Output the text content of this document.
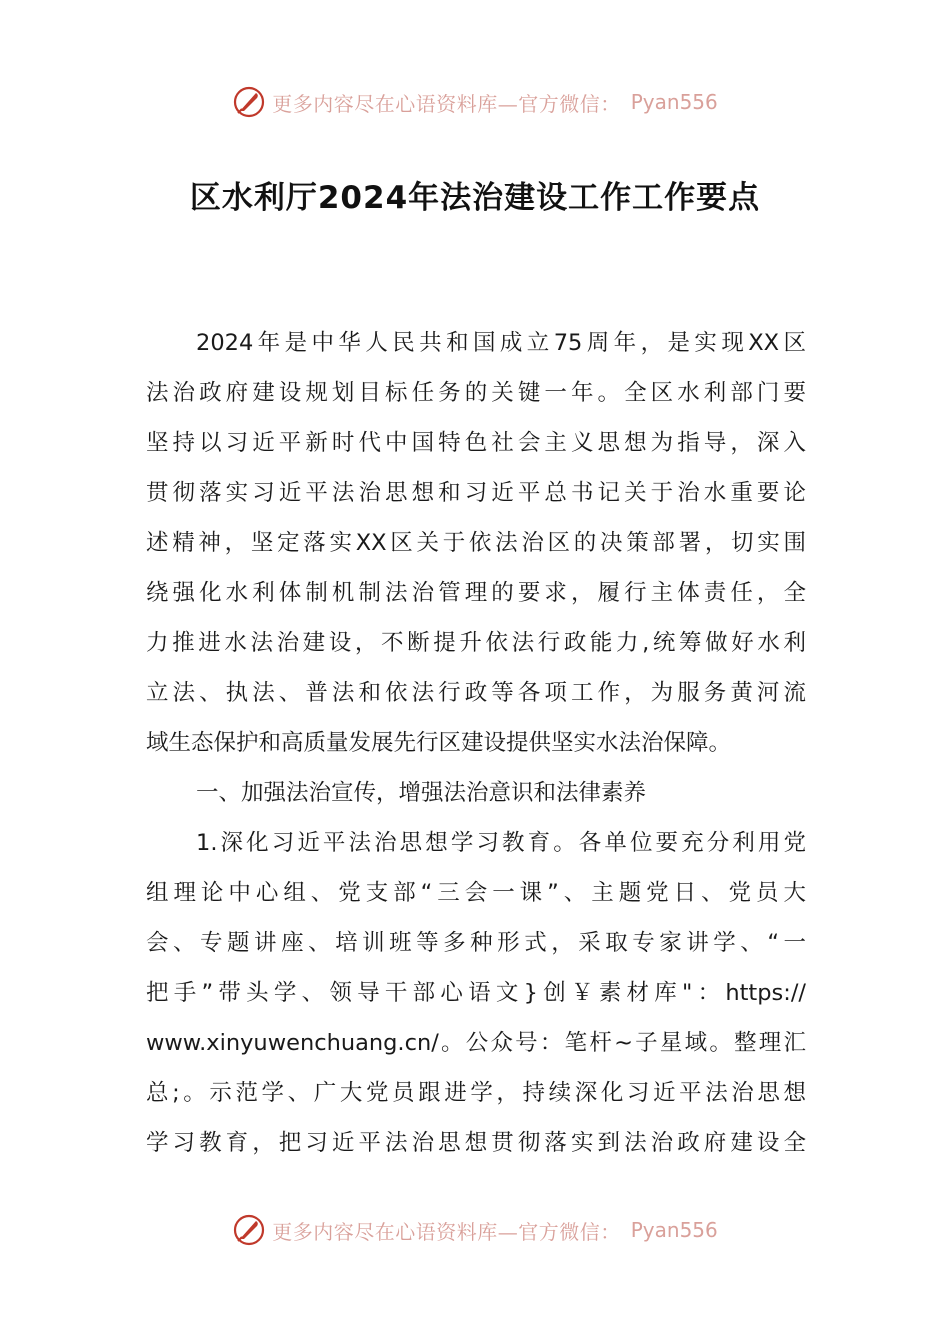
更多内容尽在心语资料库—官方微信： Pyan556
区水利厅2024年法治建设工作工作要点
2024年是中华人民共和国成立75周年，是实现XX区
法治政府建设规划目标任务的关键一年。全区水利部门要
坚持以习近平新时代中国特色社会主义思想为指导，深入
贯彻落实习近平法治思想和习近平总书记关于治水重要论
述精神，坚定落实XX区关于依法治区的决策部署，切实围
绕强化水利体制机制法治管理的要求，履行主体责任，全
力推进水法治建设，不断提升依法行政能力,统筹做好水利
立法、执法、普法和依法行政等各项工作，为服务黄河流
域生态保护和高质量发展先行区建设提供坚实水法治保障。
一、加强法治宣传，增强法治意识和法律素养
1.深化习近平法治思想学习教育。各单位要充分利用党
组理论中心组、党支部“三会一课”、主题党日、党员大
会、专题讲座、培训班等多种形式，采取专家讲学、“一
把手”带头学、领导干部心语文}创￥素材库"：https://
www.xinyuwenchuang.cn/。公众号：笔杆~子星域。整理汇
总;。示范学、广大党员跟进学，持续深化习近平法治思想
学习教育，把习近平法治思想贯彻落实到法治政府建设全
更多内容尽在心语资料库—官方微信： Pyan556
